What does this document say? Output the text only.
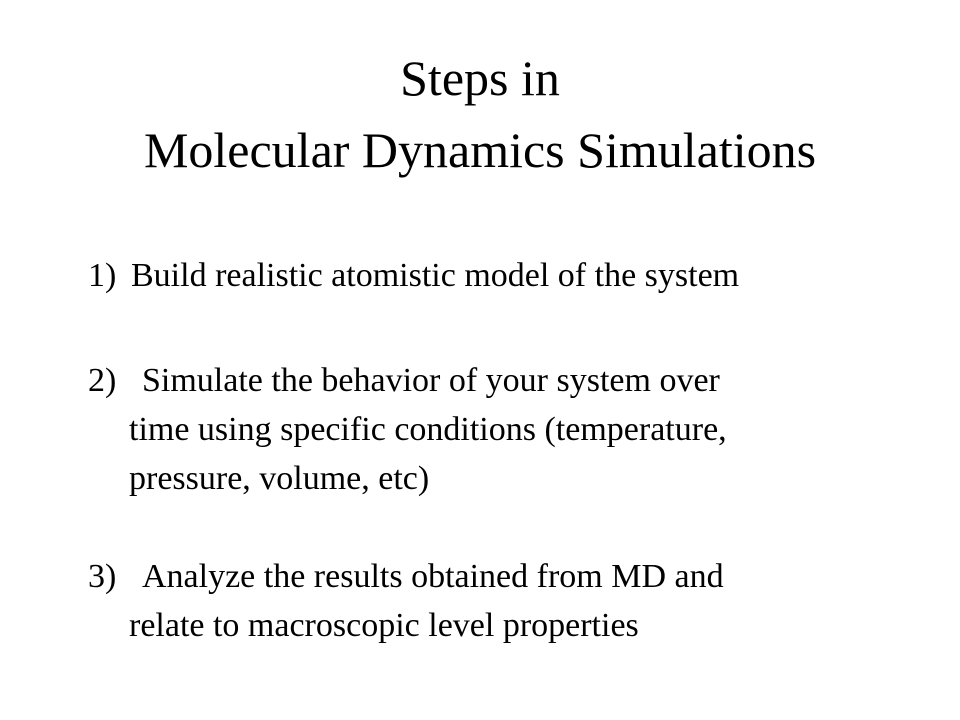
Steps in
Molecular Dynamics Simulations
1) Build realistic atomistic model of the system
2) Simulate the behavior of your system over
time using specific conditions (temperature,
pressure, volume, etc)
3) Analyze the results obtained from MD and
relate to macroscopic level properties
